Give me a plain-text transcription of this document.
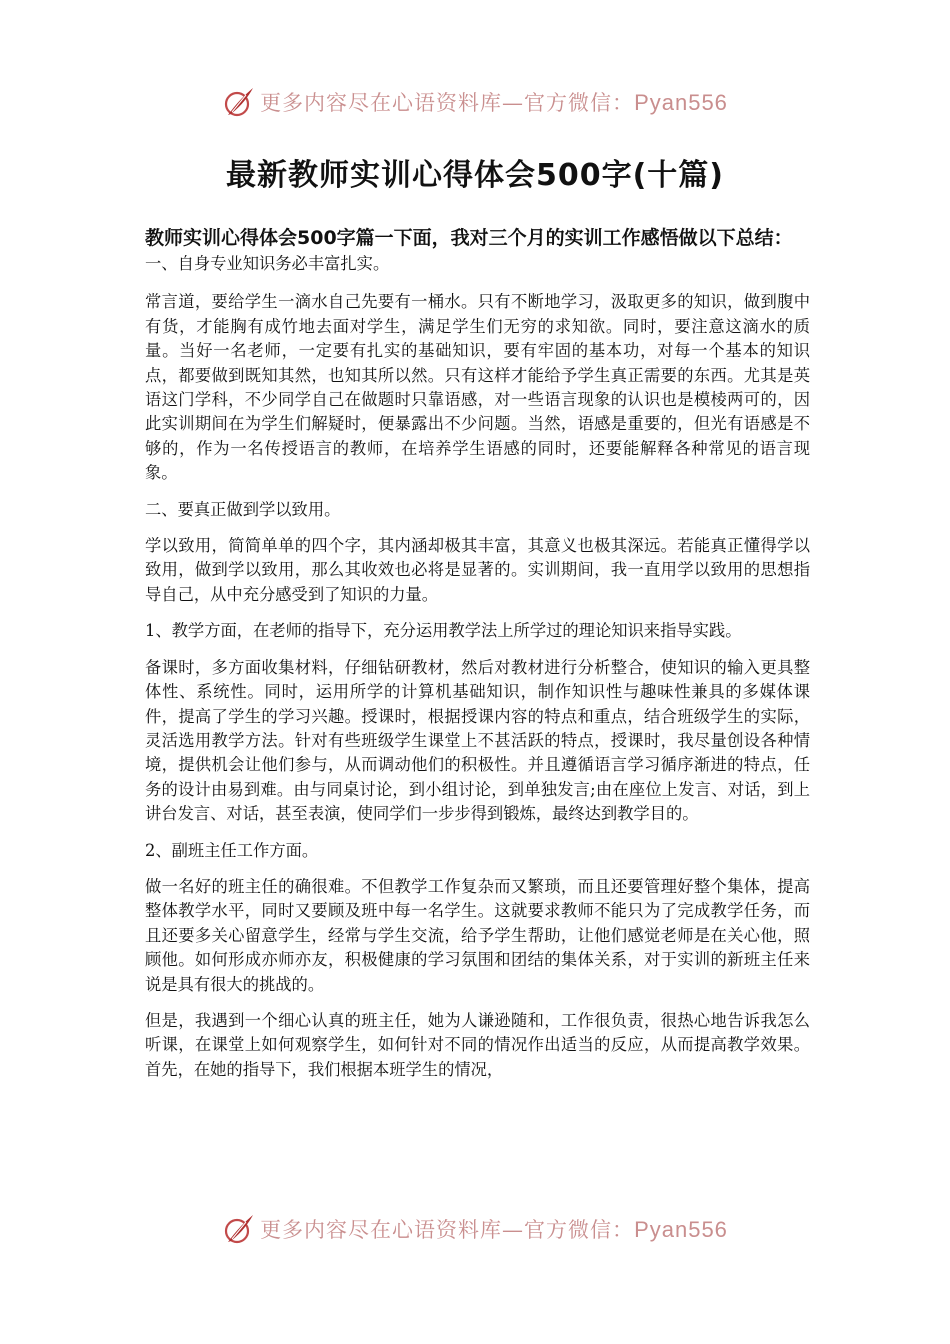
更多内容尽在心语资料库—官方微信：Pyan556
最新教师实训心得体会500字(十篇)
教师实训心得体会500字篇一下面，我对三个月的实训工作感悟做以下总结：
一、自身专业知识务必丰富扎实。
常言道，要给学生一滴水自己先要有一桶水。只有不断地学习，汲取更多的知识，做到腹中有货，才能胸有成竹地去面对学生，满足学生们无穷的求知欲。同时，要注意这滴水的质量。当好一名老师，一定要有扎实的基础知识，要有牢固的基本功，对每一个基本的知识点，都要做到既知其然，也知其所以然。只有这样才能给予学生真正需要的东西。尤其是英语这门学科，不少同学自己在做题时只靠语感，对一些语言现象的认识也是模棱两可的，因此实训期间在为学生们解疑时，便暴露出不少问题。当然，语感是重要的，但光有语感是不够的，作为一名传授语言的教师，在培养学生语感的同时，还要能解释各种常见的语言现象。
二、要真正做到学以致用。
学以致用，简简单单的四个字，其内涵却极其丰富，其意义也极其深远。若能真正懂得学以致用，做到学以致用，那么其收效也必将是显著的。实训期间，我一直用学以致用的思想指导自己，从中充分感受到了知识的力量。
1、教学方面，在老师的指导下，充分运用教学法上所学过的理论知识来指导实践。
备课时，多方面收集材料，仔细钻研教材，然后对教材进行分析整合，使知识的输入更具整体性、系统性。同时，运用所学的计算机基础知识，制作知识性与趣味性兼具的多媒体课件，提高了学生的学习兴趣。授课时，根据授课内容的特点和重点，结合班级学生的实际，灵活选用教学方法。针对有些班级学生课堂上不甚活跃的特点，授课时，我尽量创设各种情境，提供机会让他们参与，从而调动他们的积极性。并且遵循语言学习循序渐进的特点，任务的设计由易到难。由与同桌讨论，到小组讨论，到单独发言;由在座位上发言、对话，到上讲台发言、对话，甚至表演，使同学们一步步得到锻炼，最终达到教学目的。
2、副班主任工作方面。
做一名好的班主任的确很难。不但教学工作复杂而又繁琐，而且还要管理好整个集体，提高整体教学水平，同时又要顾及班中每一名学生。这就要求教师不能只为了完成教学任务，而且还要多关心留意学生，经常与学生交流，给予学生帮助，让他们感觉老师是在关心他，照顾他。如何形成亦师亦友，积极健康的学习氛围和团结的集体关系，对于实训的新班主任来说是具有很大的挑战的。
但是，我遇到一个细心认真的班主任，她为人谦逊随和，工作很负责，很热心地告诉我怎么听课，在课堂上如何观察学生，如何针对不同的情况作出适当的反应，从而提高教学效果。首先，在她的指导下，我们根据本班学生的情况，
更多内容尽在心语资料库—官方微信：Pyan556
